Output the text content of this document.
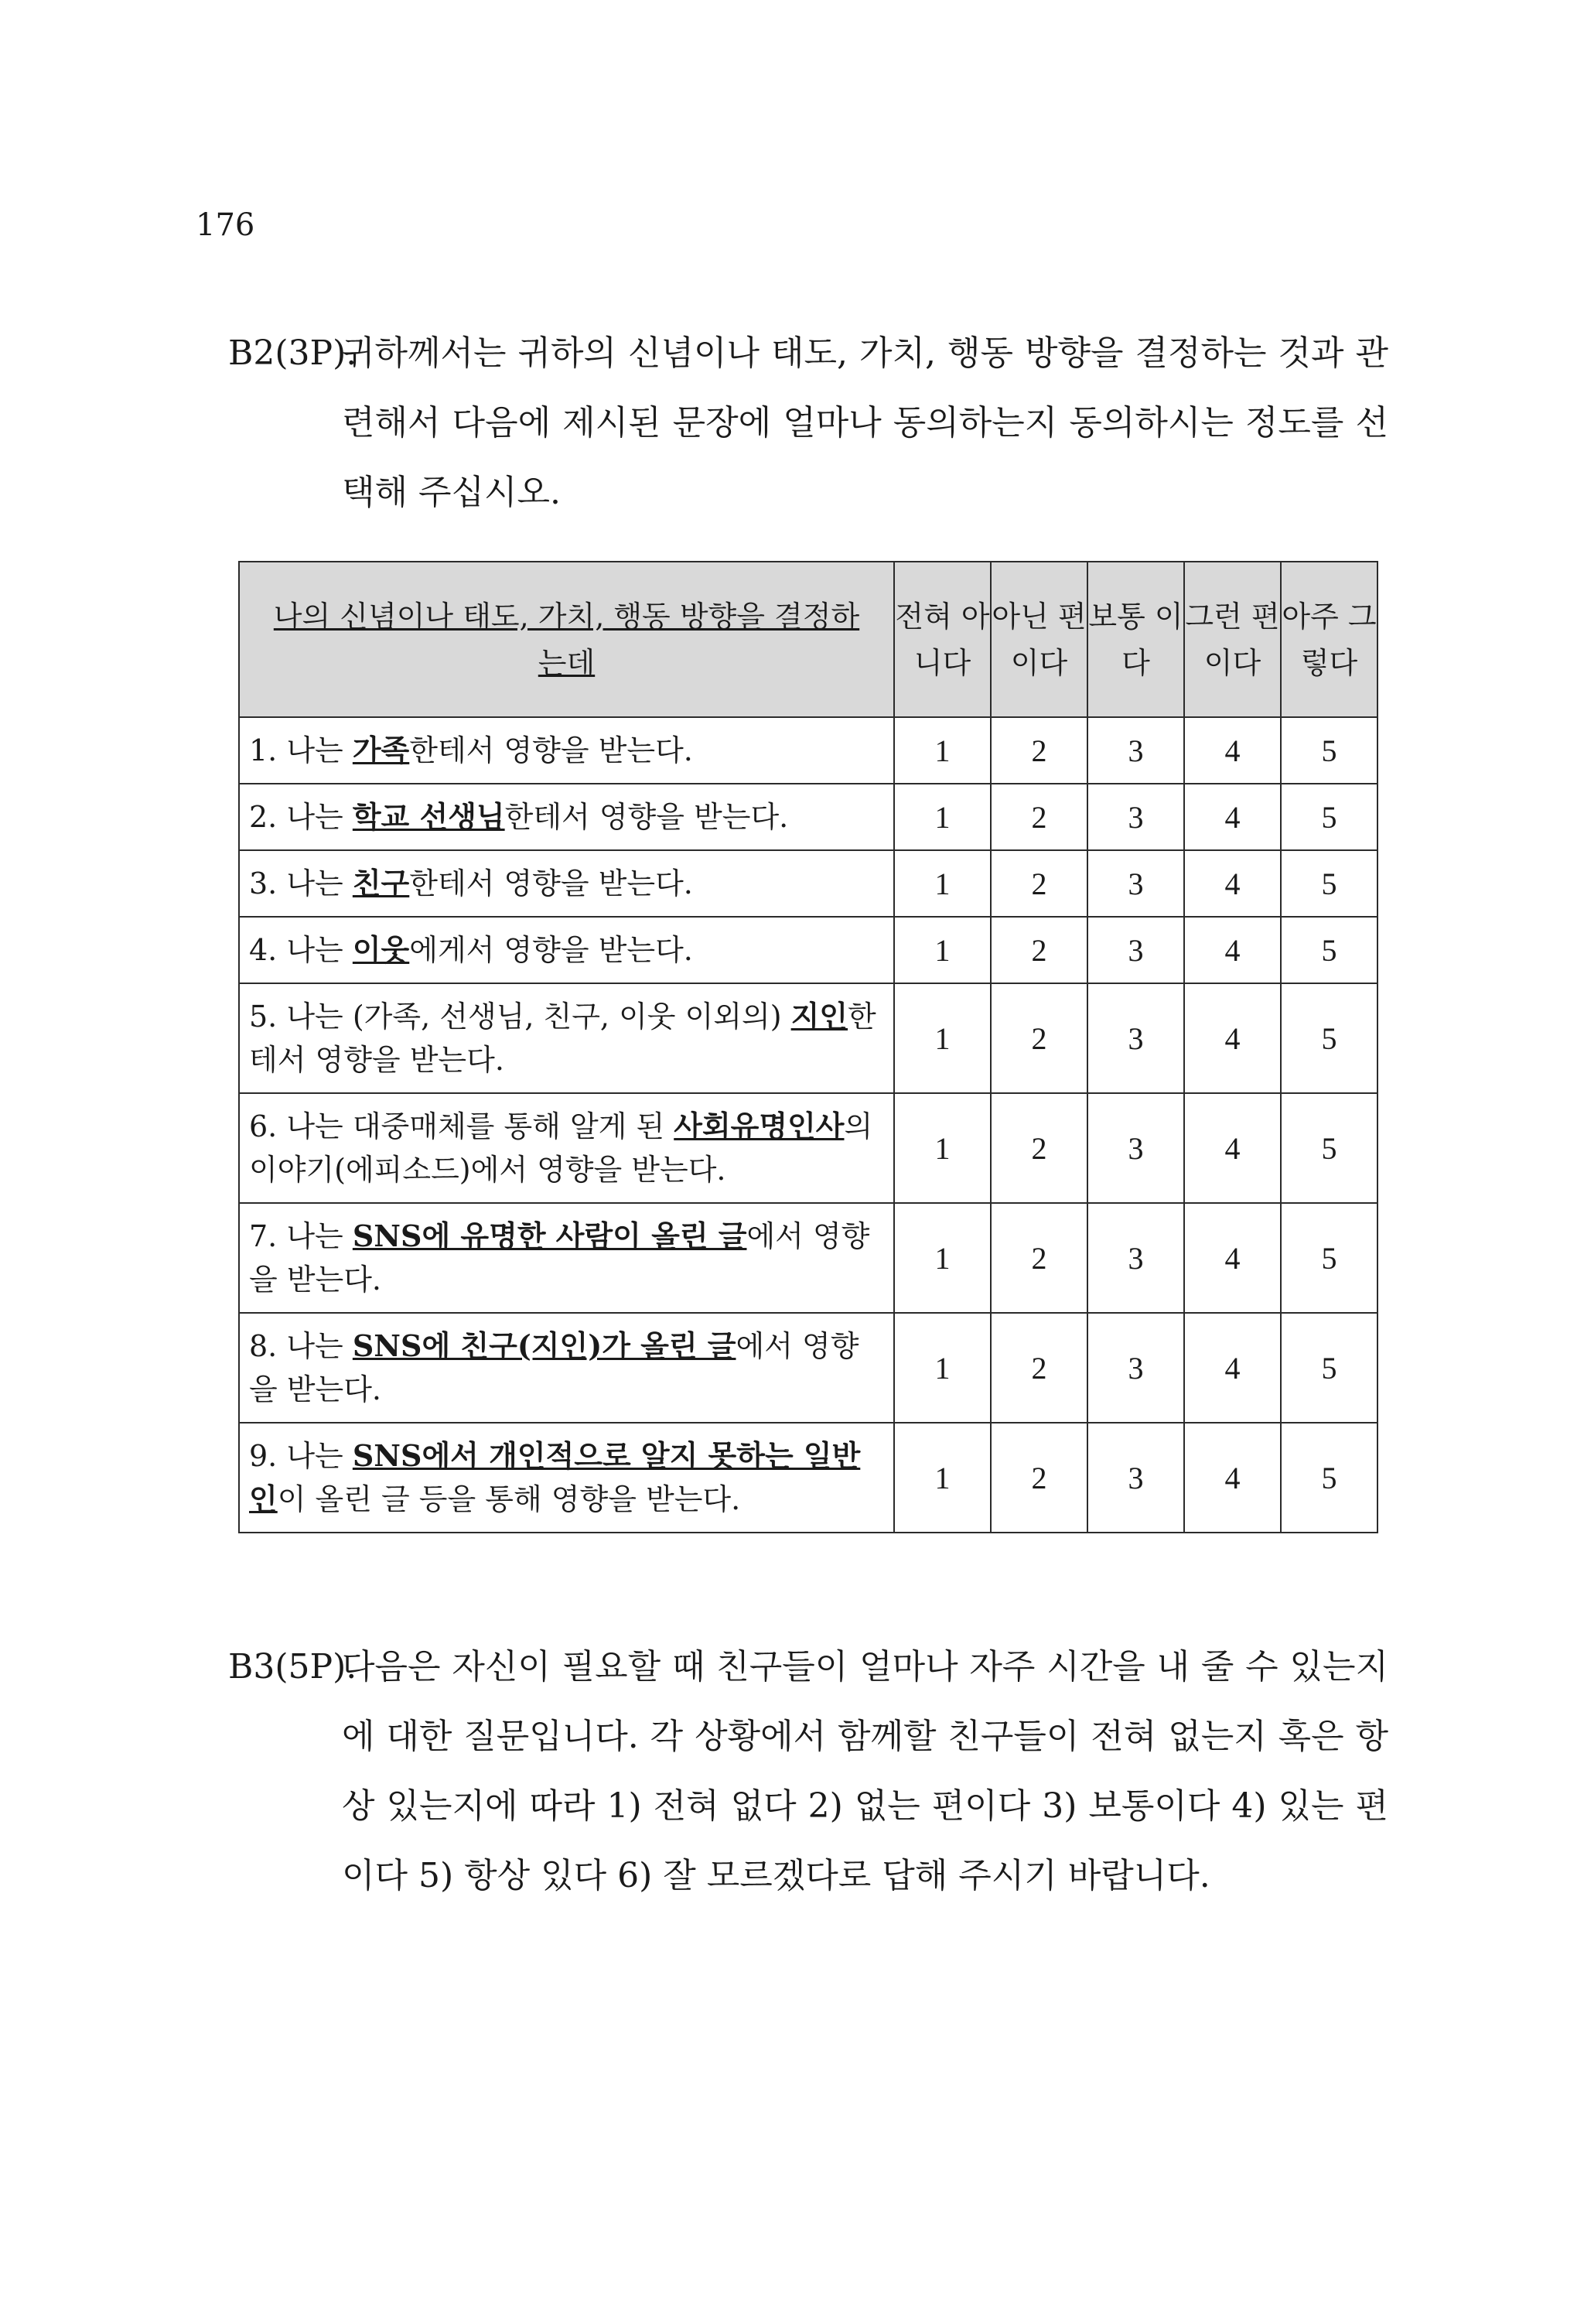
176
B2(3P).
귀하께서는 귀하의 신념이나 태도, 가치, 행동 방향을 결정하는 것과 관련해서 다음에 제시된 문장에 얼마나 동의하는지 동의하시는 정도를 선택해 주십시오.
나의 신념이나 태도, 가치, 행동 방향을 결정하는데	전혀 아니다	아닌 편이다	보통 이다	그런 편이다	아주 그렇다
1. 나는 가족한테서 영향을 받는다.	1	2	3	4	5
2. 나는 학교 선생님한테서 영향을 받는다.	1	2	3	4	5
3. 나는 친구한테서 영향을 받는다.	1	2	3	4	5
4. 나는 이웃에게서 영향을 받는다.	1	2	3	4	5
5. 나는 (가족, 선생님, 친구, 이웃 이외의) 지인한테서 영향을 받는다.	1	2	3	4	5
6. 나는 대중매체를 통해 알게 된 사회유명인사의 이야기(에피소드)에서 영향을 받는다.	1	2	3	4	5
7. 나는 SNS에 유명한 사람이 올린 글에서 영향을 받는다.	1	2	3	4	5
8. 나는 SNS에 친구(지인)가 올린 글에서 영향을 받는다.	1	2	3	4	5
9. 나는 SNS에서 개인적으로 알지 못하는 일반인이 올린 글 등을 통해 영향을 받는다.	1	2	3	4	5
B3(5P).
다음은 자신이 필요할 때 친구들이 얼마나 자주 시간을 내 줄 수 있는지에 대한 질문입니다. 각 상황에서 함께할 친구들이 전혀 없는지 혹은 항상 있는지에 따라 1) 전혀 없다 2) 없는 편이다 3) 보통이다 4) 있는 편이다 5) 항상 있다 6) 잘 모르겠다로 답해 주시기 바랍니다.
